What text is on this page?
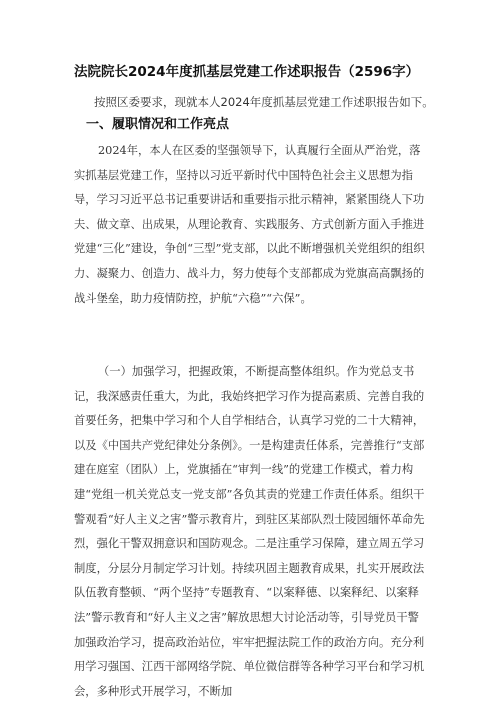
法院院长2024年度抓基层党建工作述职报告（2596字）
按照区委要求，现就本人2024年度抓基层党建工作述职报告如下。
一、履职情况和工作亮点

2024年，本人在区委的坚强领导下，认真履行全面从严治党，落实抓基层党建工作，坚持以习近平新时代中国特色社会主义思想为指导，学习习近平总书记重要讲话和重要指示批示精神，紧紧围绕人下功夫、做文章、出成果，从理论教育、实践服务、方式创新方面入手推进党建“三化”建设，争创“三型”党支部，以此不断增强机关党组织的组织力、凝聚力、创造力、战斗力，努力使每个支部都成为党旗高高飘扬的战斗堡垒，助力疫情防控，护航“六稳”“六保”。

（一）加强学习，把握政策，不断提高整体组织。作为党总支书记，我深感责任重大，为此，我始终把学习作为提高素质、完善自我的首要任务，把集中学习和个人自学相结合，认真学习党的二十大精神，以及《中国共产党纪律处分条例》。一是构建责任体系，完善推行“支部建在庭室（团队）上，党旗插在“审判一线”的党建工作模式，着力构建“党组一机关党总支一党支部”各负其责的党建工作责任体系。组织干警观看“好人主义之害”警示教育片，到驻区某部队烈士陵园缅怀革命先烈，强化干警双拥意识和国防观念。二是注重学习保障，建立周五学习制度，分层分月制定学习计划。持续巩固主题教育成果，扎实开展政法队伍教育整顿、“两个坚持”专题教育、“以案释德、以案释纪、以案释法”警示教育和“好人主义之害”解放思想大讨论活动等，引导党员干警加强政治学习，提高政治站位，牢牢把握法院工作的政治方向。充分利用学习强国、江西干部网络学院、单位微信群等各种学习平台和学习机会，多种形式开展学习，不断加
